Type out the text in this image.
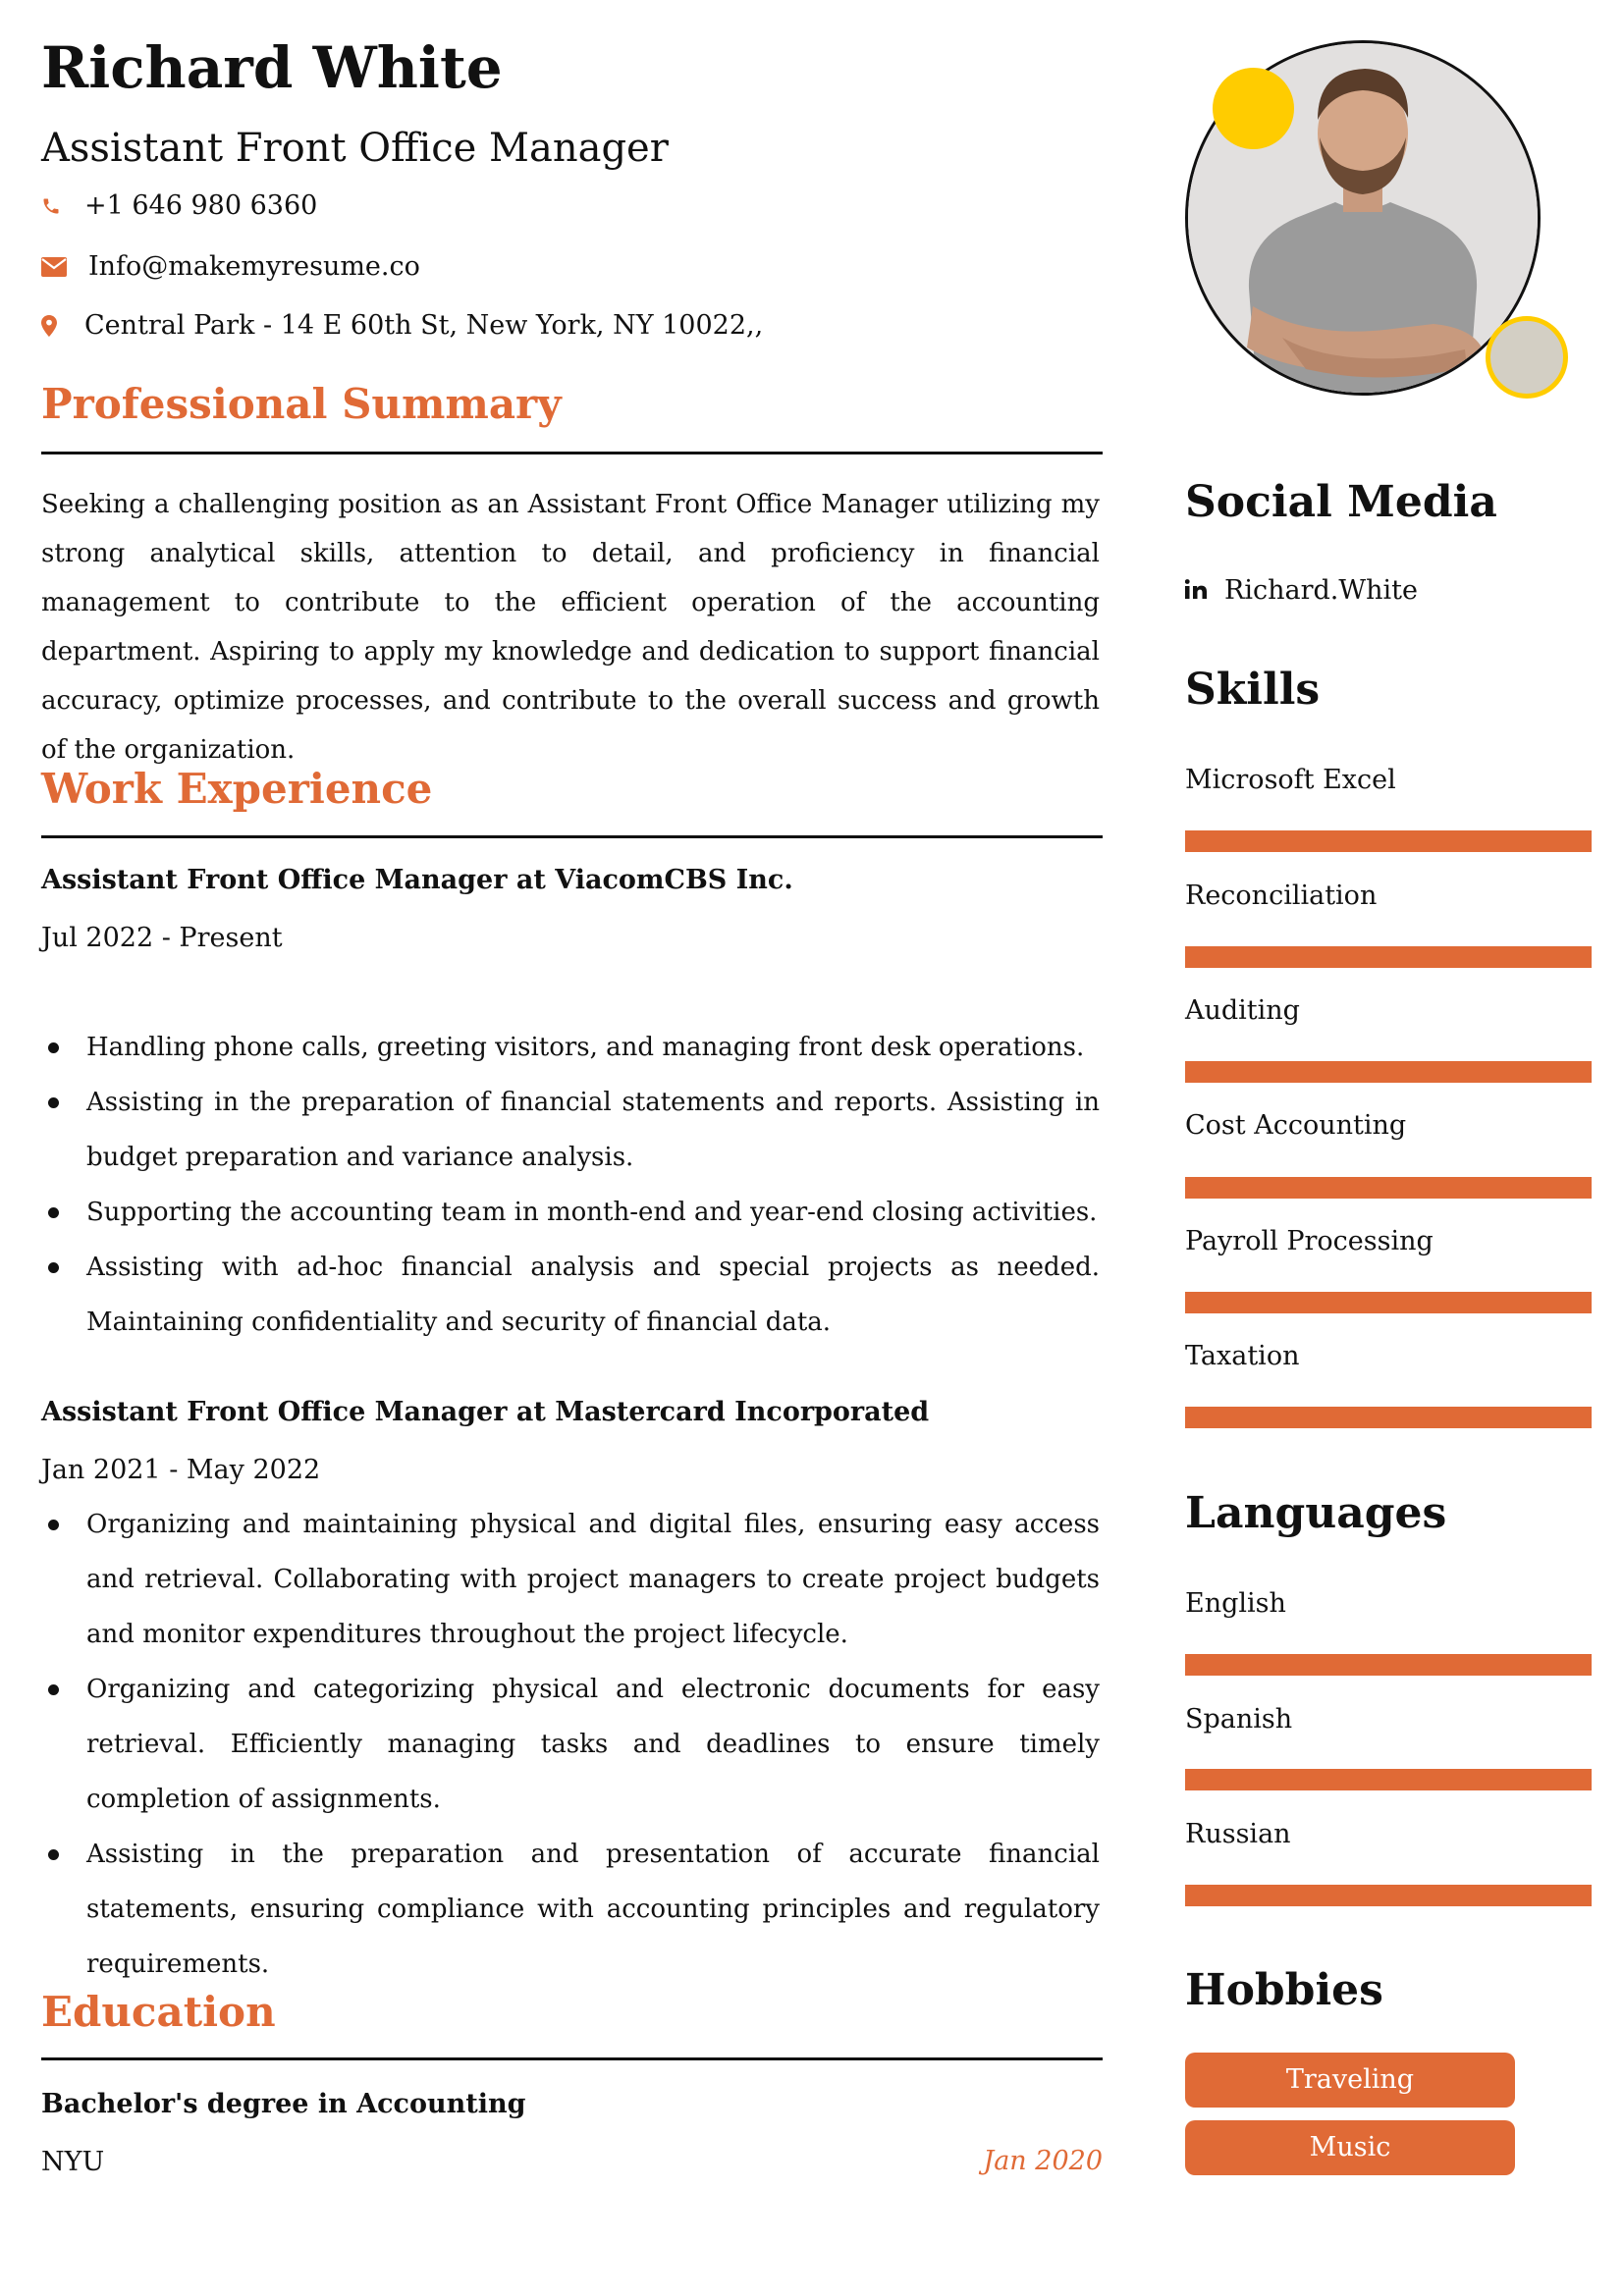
Richard White
Assistant Front Office Manager
+1 646 980 6360
Info@makemyresume.co
Central Park - 14 E 60th St, New York, NY 10022,,
Professional Summary

Seeking a challenging position as an Assistant Front Office Manager utilizing my strong analytical skills, attention to detail, and proficiency in financial management to contribute to the efficient operation of the accounting department. Aspiring to apply my knowledge and dedication to support financial accuracy, optimize processes, and contribute to the overall success and growth of the organization.

Work Experience
Assistant Front Office Manager at ViacomCBS Inc.
Jul 2022 - Present
Handling phone calls, greeting visitors, and managing front desk operations.
Assisting in the preparation of financial statements and reports. Assisting in budget preparation and variance analysis.
Supporting the accounting team in month-end and year-end closing activities.
Assisting with ad-hoc financial analysis and special projects as needed. Maintaining confidentiality and security of financial data.
Assistant Front Office Manager at Mastercard Incorporated
Jan 2021 - May 2022
Organizing and maintaining physical and digital files, ensuring easy access and retrieval. Collaborating with project managers to create project budgets and monitor expenditures throughout the project lifecycle.
Organizing and categorizing physical and electronic documents for easy retrieval. Efficiently managing tasks and deadlines to ensure timely completion of assignments.
Assisting in the preparation and presentation of accurate financial statements, ensuring compliance with accounting principles and regulatory requirements.
Education
Bachelor's degree in Accounting
NYU	Jan 2020
Social Media
Richard.White
Skills
Microsoft Excel
Reconciliation
Auditing
Cost Accounting
Payroll Processing
Taxation
Languages
English
Spanish
Russian
Hobbies
Traveling
Music
